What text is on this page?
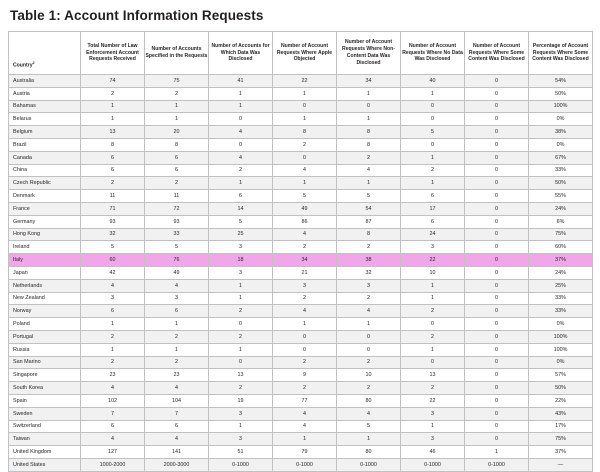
Table 1: Account Information Requests
Country$^2$	Total Number of Law Enforcement Account Requests Received	Number of Accounts Specified in the Requests	Number of Accounts for Which Data Was Disclosed	Number of Account Requests Where Apple Objected	Number of Account Requests Where Non-Content Data Was Disclosed	Number of Account Requests Where No Data Was Disclosed	Number of Account Requests Where Some Content Was Disclosed	Percentage of Account Requests Where Some Content Was Disclosed
Australia	74	75	41	22	34	40	0	54%
Austria	2	2	1	1	1	1	0	50%
Bahamas	1	1	1	0	0	0	0	100%
Belarus	1	1	0	1	1	0	0	0%
Belgium	13	20	4	8	8	5	0	38%
Brazil	8	8	0	2	8	0	0	0%
Canada	6	6	4	0	2	1	0	67%
China	6	6	2	4	4	2	0	33%
Czech Republic	2	2	1	1	1	1	0	50%
Denmark	11	11	6	5	5	6	0	55%
France	71	72	14	49	54	17	0	24%
Germany	93	93	5	86	87	6	0	6%
Hong Kong	32	33	25	4	8	24	0	75%
Ireland	5	5	3	2	2	3	0	60%
Italy	60	76	18	34	38	22	0	37%
Japan	42	49	3	21	32	10	0	24%
Netherlands	4	4	1	3	3	1	0	25%
New Zealand	3	3	1	2	2	1	0	33%
Norway	6	6	2	4	4	2	0	33%
Poland	1	1	0	1	1	0	0	0%
Portugal	2	2	2	0	0	2	0	100%
Russia	1	1	1	0	0	1	0	100%
San Marino	2	2	0	2	2	0	0	0%
Singapore	23	23	13	9	10	13	0	57%
South Korea	4	4	2	2	2	2	0	50%
Spain	102	104	19	77	80	22	0	22%
Sweden	7	7	3	4	4	3	0	43%
Switzerland	6	6	1	4	5	1	0	17%
Taiwan	4	4	3	1	1	3	0	75%
United Kingdom	127	141	51	79	80	46	1	37%
United States	1000-2000	2000-3000	0-1000	0-1000	0-1000	0-1000	0-1000	—
